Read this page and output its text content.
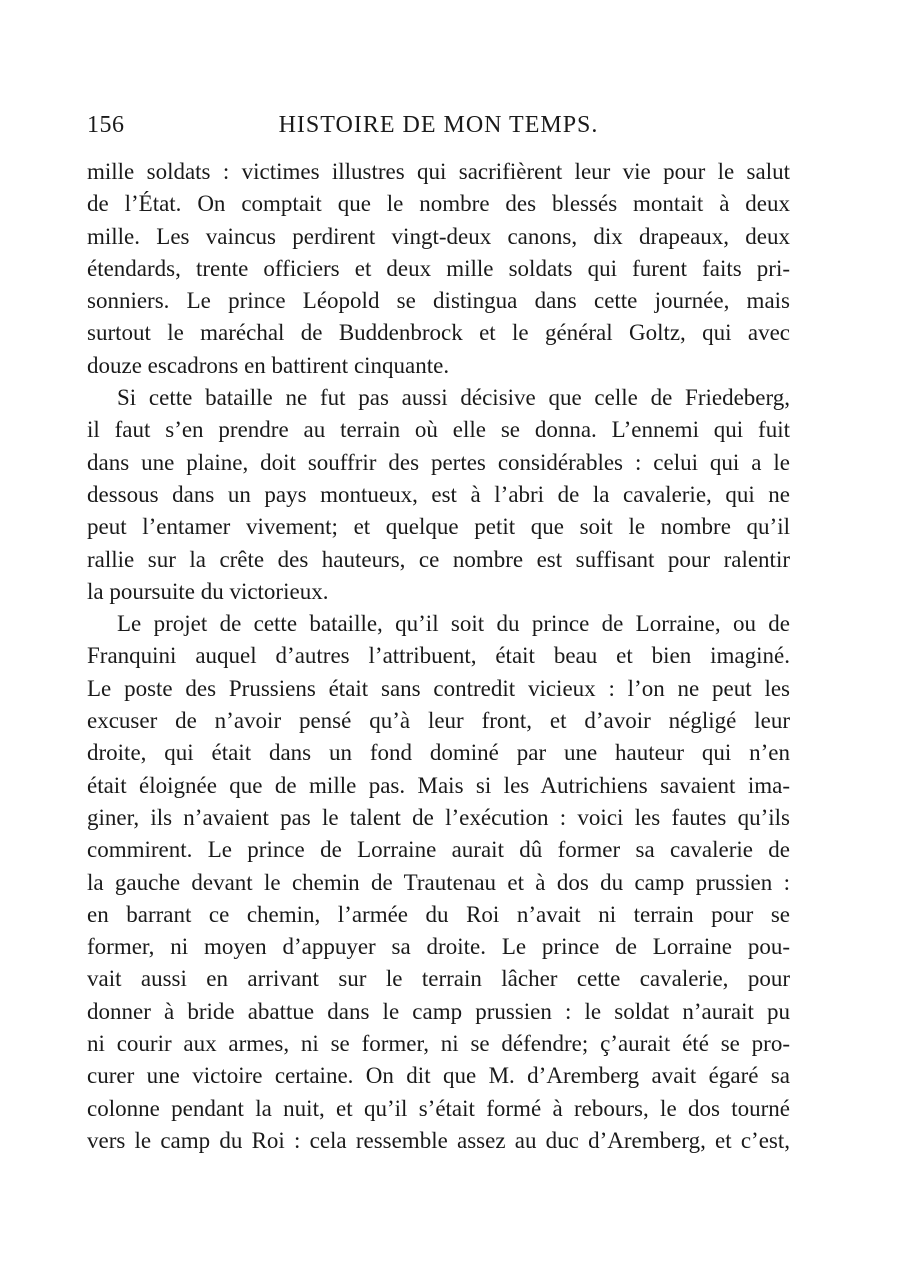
156	HISTOIRE DE MON TEMPS.
mille soldats : victimes illustres qui sacrifièrent leur vie pour le salut
de l’État. On comptait que le nombre des blessés montait à deux
mille. Les vaincus perdirent vingt-deux canons, dix drapeaux, deux
étendards, trente officiers et deux mille soldats qui furent faits pri-
sonniers. Le prince Léopold se distingua dans cette journée, mais
surtout le maréchal de Buddenbrock et le général Goltz, qui avec
douze escadrons en battirent cinquante.
Si cette bataille ne fut pas aussi décisive que celle de Friedeberg,
il faut s’en prendre au terrain où elle se donna. L’ennemi qui fuit
dans une plaine, doit souffrir des pertes considérables : celui qui a le
dessous dans un pays montueux, est à l’abri de la cavalerie, qui ne
peut l’entamer vivement; et quelque petit que soit le nombre qu’il
rallie sur la crête des hauteurs, ce nombre est suffisant pour ralentir
la poursuite du victorieux.
Le projet de cette bataille, qu’il soit du prince de Lorraine, ou de
Franquini auquel d’autres l’attribuent, était beau et bien imaginé.
Le poste des Prussiens était sans contredit vicieux : l’on ne peut les
excuser de n’avoir pensé qu’à leur front, et d’avoir négligé leur
droite, qui était dans un fond dominé par une hauteur qui n’en
était éloignée que de mille pas. Mais si les Autrichiens savaient ima-
giner, ils n’avaient pas le talent de l’exécution : voici les fautes qu’ils
commirent. Le prince de Lorraine aurait dû former sa cavalerie de
la gauche devant le chemin de Trautenau et à dos du camp prussien :
en barrant ce chemin, l’armée du Roi n’avait ni terrain pour se
former, ni moyen d’appuyer sa droite. Le prince de Lorraine pou-
vait aussi en arrivant sur le terrain lâcher cette cavalerie, pour
donner à bride abattue dans le camp prussien : le soldat n’aurait pu
ni courir aux armes, ni se former, ni se défendre; ç’aurait été se pro-
curer une victoire certaine. On dit que M. d’Aremberg avait égaré sa
colonne pendant la nuit, et qu’il s’était formé à rebours, le dos tourné
vers le camp du Roi : cela ressemble assez au duc d’Aremberg, et c’est,
